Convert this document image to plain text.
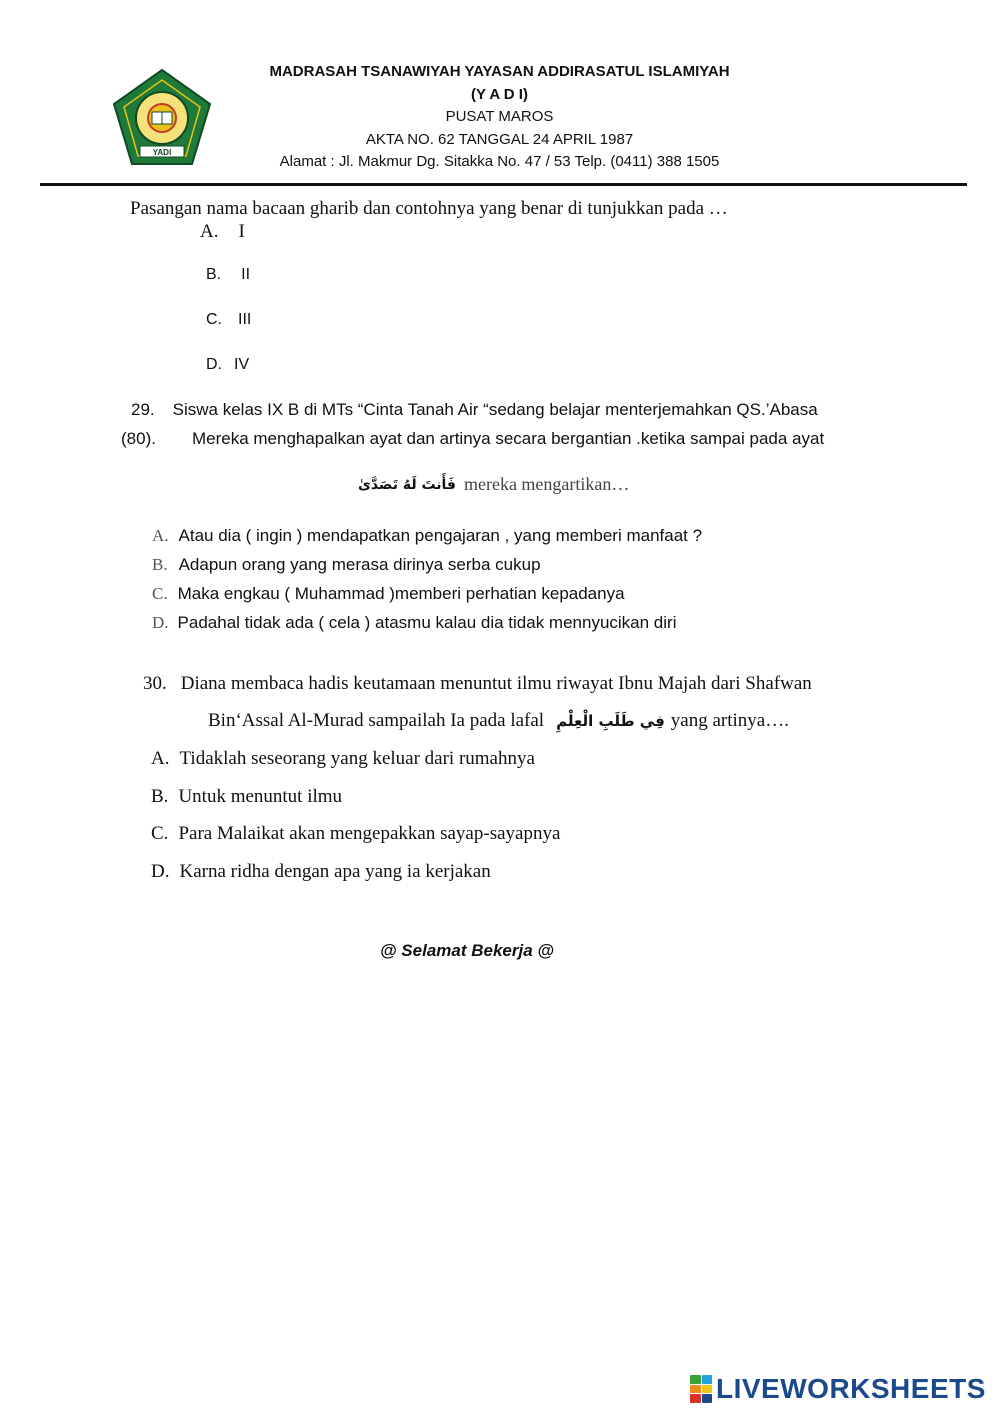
YADI
MADRASAH TSANAWIYAH YAYASAN ADDIRASATUL ISLAMIYAH
(Y A D I)
PUSAT MAROS
AKTA NO. 62 TANGGAL 24 APRIL 1987
Alamat : Jl. Makmur Dg. Sitakka No. 47 / 53 Telp. (0411) 388 1505
Pasangan nama bacaan gharib dan contohnya yang benar di tunjukkan pada …
A. I
B. II
C. III
D. IV
29. Siswa kelas IX B di MTs “Cinta Tanah Air “sedang belajar menterjemahkan QS.’Abasa
(80). Mereka menghapalkan ayat dan artinya secara bergantian .ketika sampai pada ayat
فَأَنتَ لَهُ تَصَدَّىٰ mereka mengartikan…
A. Atau dia ( ingin ) mendapatkan pengajaran , yang memberi manfaat ?
B. Adapun orang yang merasa dirinya serba cukup
C. Maka engkau ( Muhammad )memberi perhatian kepadanya
D. Padahal tidak ada ( cela ) atasmu kalau dia tidak mennyucikan diri
30. Diana membaca hadis keutamaan menuntut ilmu riwayat Ibnu Majah dari Shafwan
Bin‘Assal Al-Murad sampailah Ia pada lafal فِي طَلَبِ الْعِلْمِ yang artinya….
A. Tidaklah seseorang yang keluar dari rumahnya
B. Untuk menuntut ilmu
C. Para Malaikat akan mengepakkan sayap-sayapnya
D. Karna ridha dengan apa yang ia kerjakan
@ Selamat Bekerja @
LIVEWORKSHEETS
